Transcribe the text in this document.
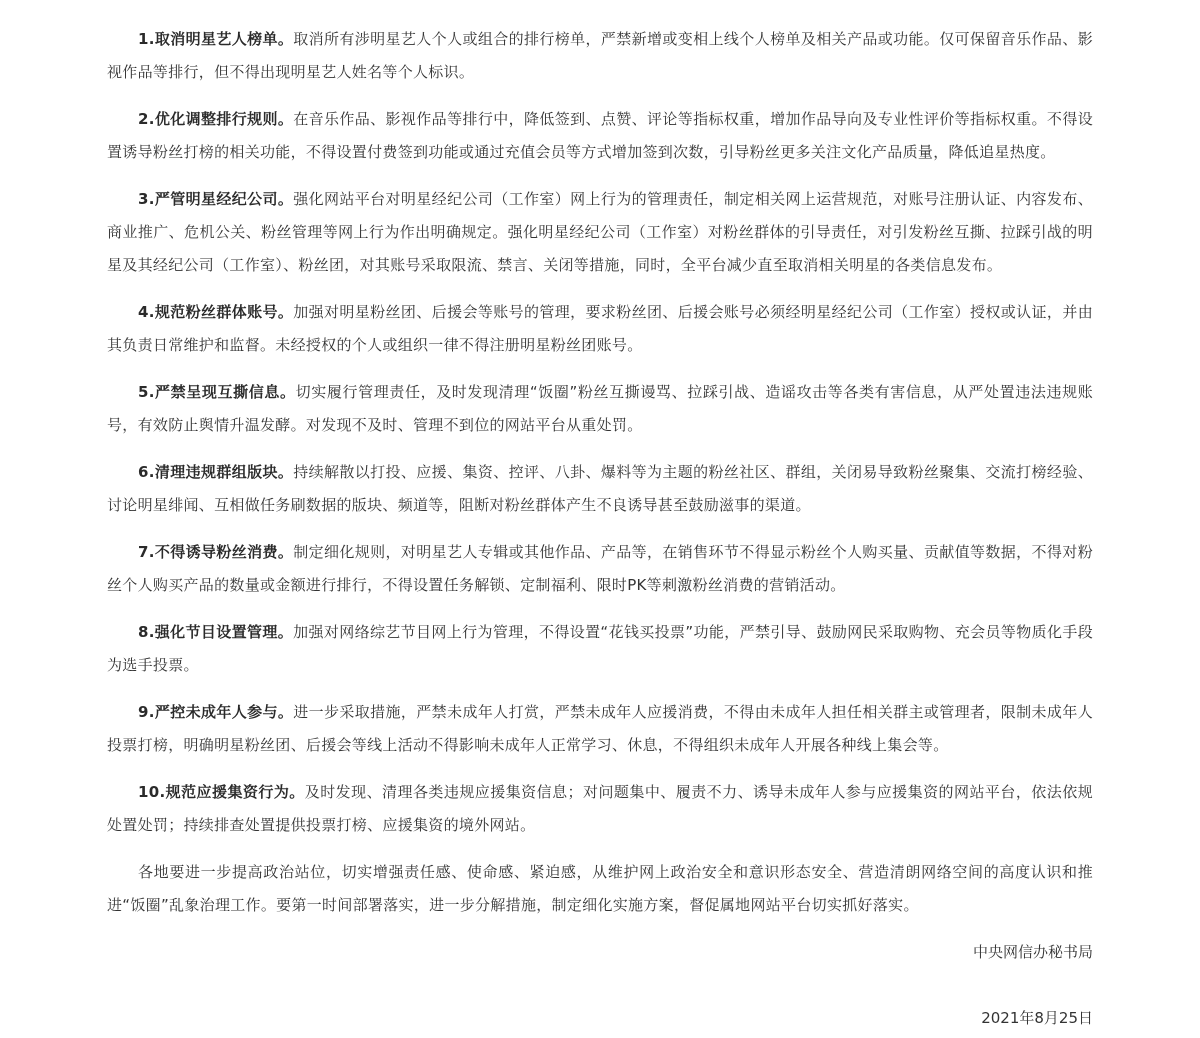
1.取消明星艺人榜单。取消所有涉明星艺人个人或组合的排行榜单，严禁新增或变相上线个人榜单及相关产品或功能。仅可保留音乐作品、影视作品等排行，但不得出现明星艺人姓名等个人标识。

2.优化调整排行规则。在音乐作品、影视作品等排行中，降低签到、点赞、评论等指标权重，增加作品导向及专业性评价等指标权重。不得设置诱导粉丝打榜的相关功能，不得设置付费签到功能或通过充值会员等方式增加签到次数，引导粉丝更多关注文化产品质量，降低追星热度。

3.严管明星经纪公司。强化网站平台对明星经纪公司（工作室）网上行为的管理责任，制定相关网上运营规范，对账号注册认证、内容发布、商业推广、危机公关、粉丝管理等网上行为作出明确规定。强化明星经纪公司（工作室）对粉丝群体的引导责任，对引发粉丝互撕、拉踩引战的明星及其经纪公司（工作室）、粉丝团，对其账号采取限流、禁言、关闭等措施，同时，全平台减少直至取消相关明星的各类信息发布。

4.规范粉丝群体账号。加强对明星粉丝团、后援会等账号的管理，要求粉丝团、后援会账号必须经明星经纪公司（工作室）授权或认证，并由其负责日常维护和监督。未经授权的个人或组织一律不得注册明星粉丝团账号。

5.严禁呈现互撕信息。切实履行管理责任，及时发现清理“饭圈”粉丝互撕谩骂、拉踩引战、造谣攻击等各类有害信息，从严处置违法违规账号，有效防止舆情升温发酵。对发现不及时、管理不到位的网站平台从重处罚。

6.清理违规群组版块。持续解散以打投、应援、集资、控评、八卦、爆料等为主题的粉丝社区、群组，关闭易导致粉丝聚集、交流打榜经验、讨论明星绯闻、互相做任务刷数据的版块、频道等，阻断对粉丝群体产生不良诱导甚至鼓励滋事的渠道。

7.不得诱导粉丝消费。制定细化规则，对明星艺人专辑或其他作品、产品等，在销售环节不得显示粉丝个人购买量、贡献值等数据，不得对粉丝个人购买产品的数量或金额进行排行，不得设置任务解锁、定制福利、限时PK等刺激粉丝消费的营销活动。

8.强化节目设置管理。加强对网络综艺节目网上行为管理，不得设置“花钱买投票”功能，严禁引导、鼓励网民采取购物、充会员等物质化手段为选手投票。

9.严控未成年人参与。进一步采取措施，严禁未成年人打赏，严禁未成年人应援消费，不得由未成年人担任相关群主或管理者，限制未成年人投票打榜，明确明星粉丝团、后援会等线上活动不得影响未成年人正常学习、休息，不得组织未成年人开展各种线上集会等。

10.规范应援集资行为。及时发现、清理各类违规应援集资信息；对问题集中、履责不力、诱导未成年人参与应援集资的网站平台，依法依规处置处罚；持续排查处置提供投票打榜、应援集资的境外网站。

各地要进一步提高政治站位，切实增强责任感、使命感、紧迫感，从维护网上政治安全和意识形态安全、营造清朗网络空间的高度认识和推进“饭圈”乱象治理工作。要第一时间部署落实，进一步分解措施，制定细化实施方案，督促属地网站平台切实抓好落实。

中央网信办秘书局

2021年8月25日
